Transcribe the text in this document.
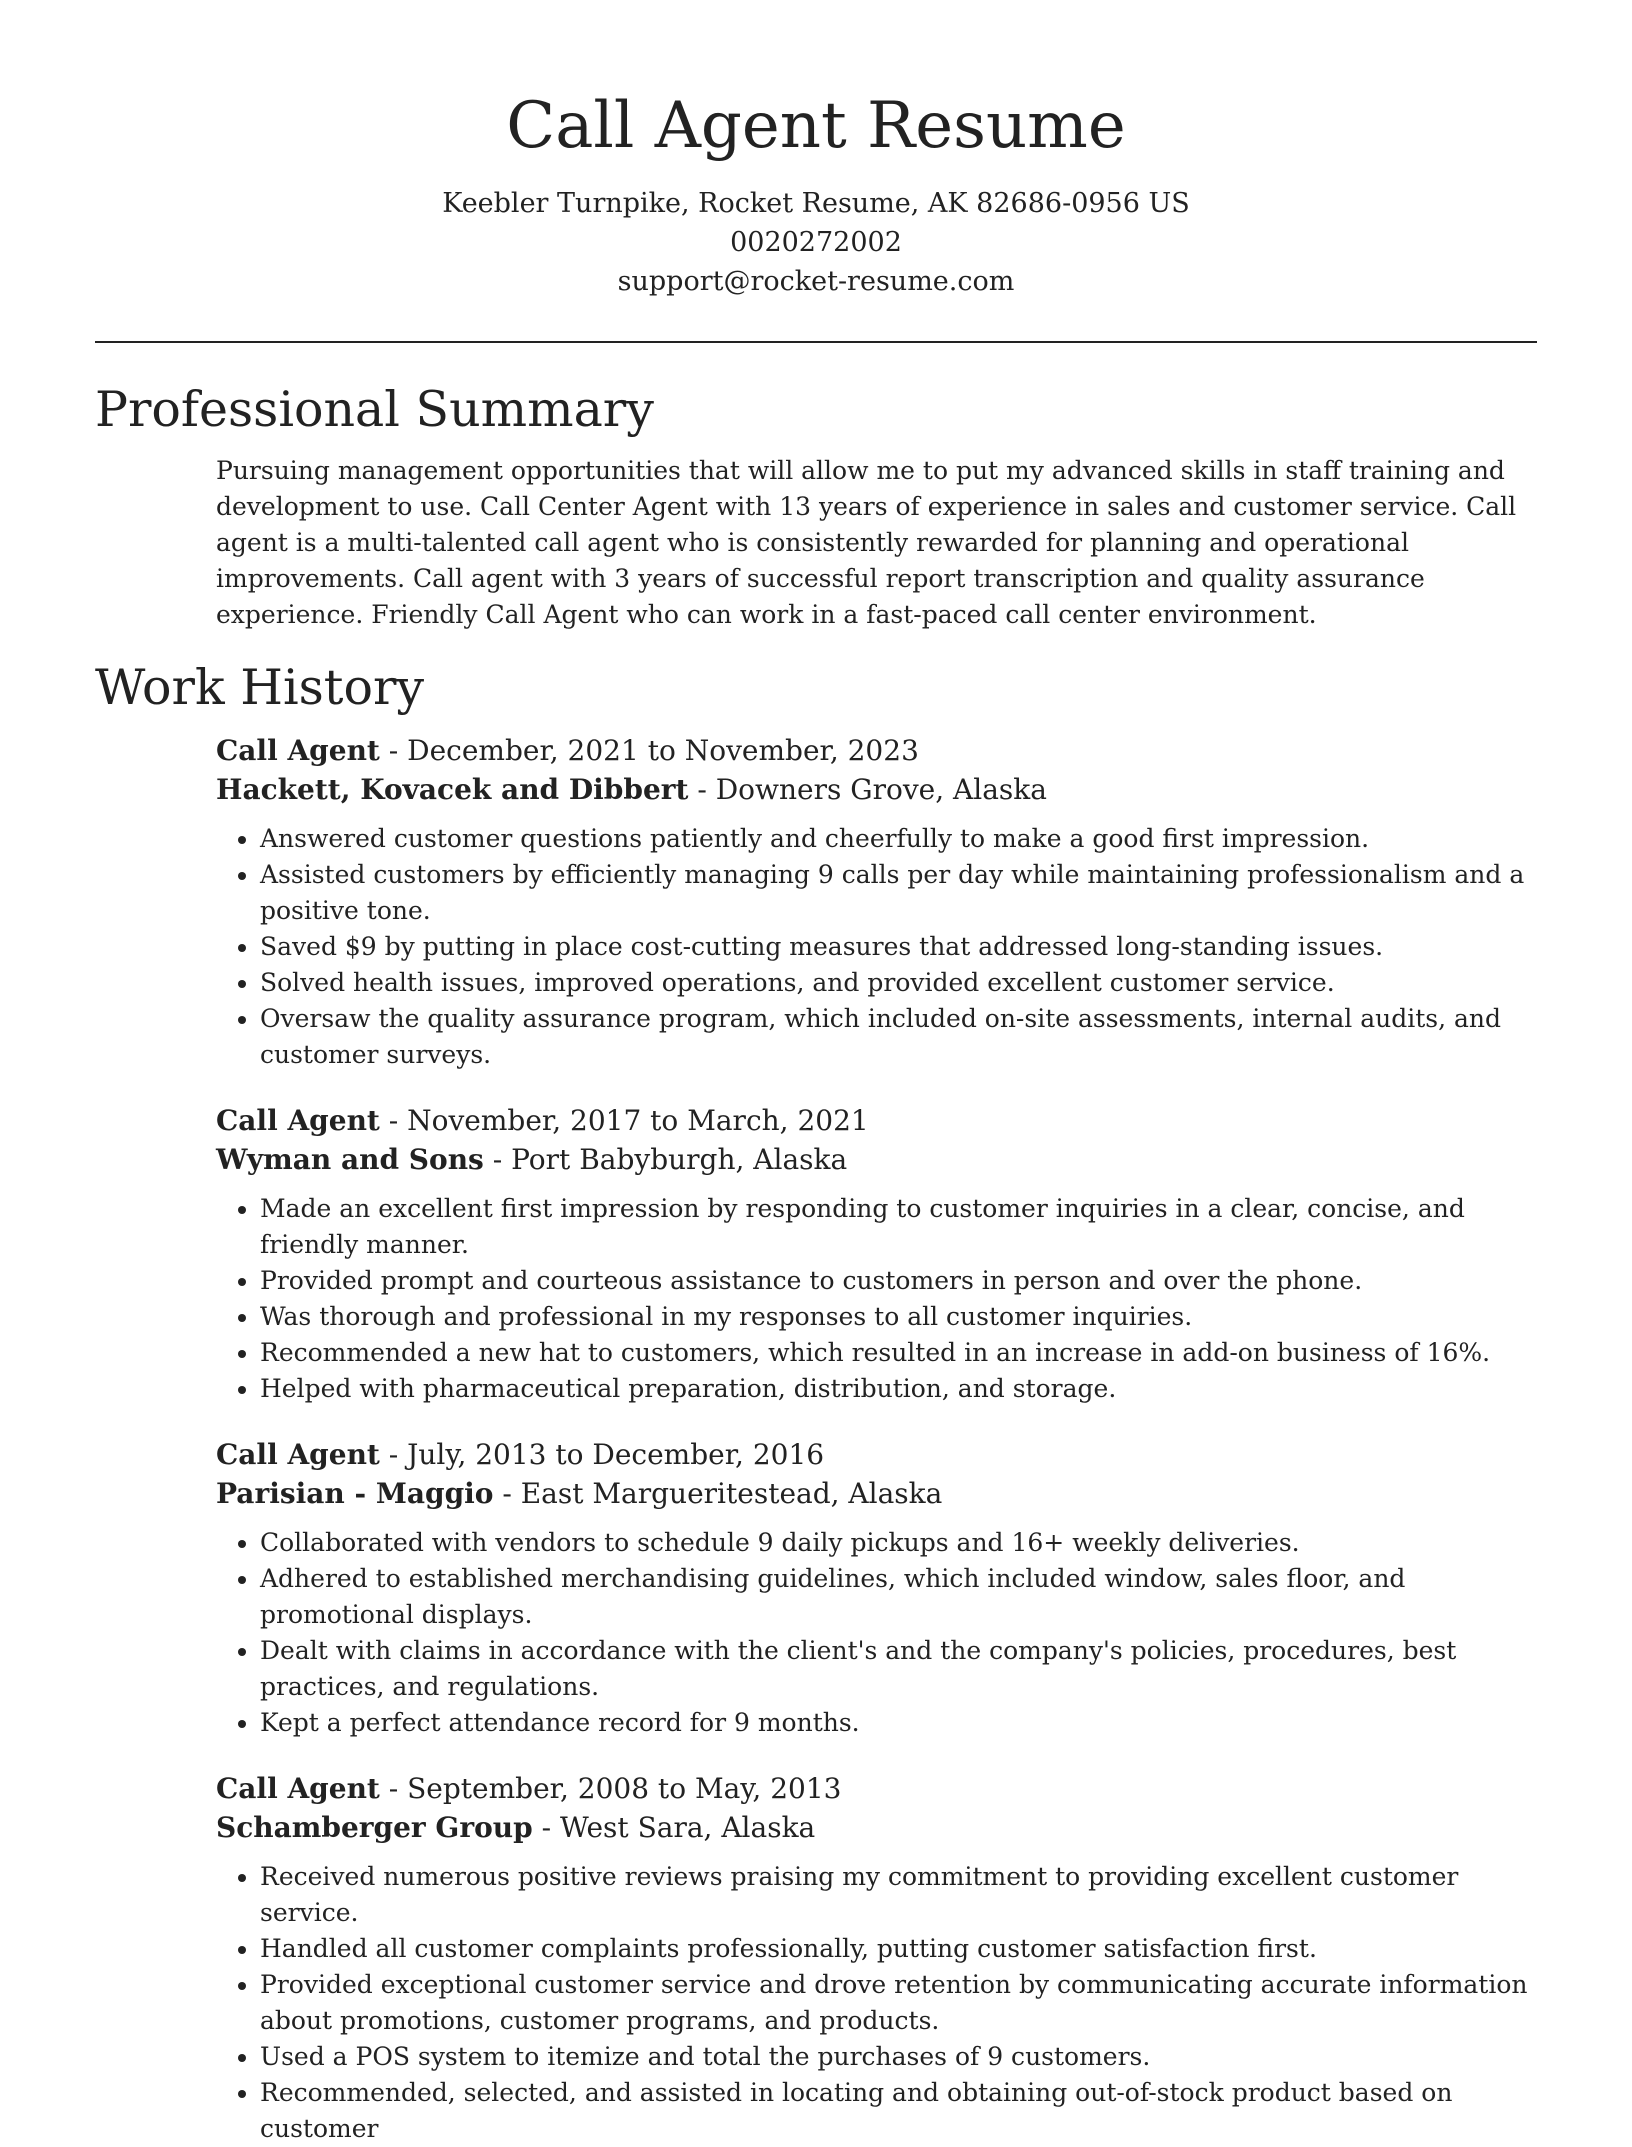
Call Agent Resume
Keebler Turnpike, Rocket Resume, AK 82686-0956 US
0020272002
support@rocket-resume.com
Professional Summary

Pursuing management opportunities that will allow me to put my advanced skills in staff training and development to use. Call Center Agent with 13 years of experience in sales and customer service. Call agent is a multi-talented call agent who is consistently rewarded for planning and operational improvements. Call agent with 3 years of successful report transcription and quality assurance experience. Friendly Call Agent who can work in a fast-paced call center environment.

Work History
Call Agent - December, 2021 to November, 2023
Hackett, Kovacek and Dibbert - Downers Grove, Alaska
• Answered customer questions patiently and cheerfully to make a good first impression.
• Assisted customers by efficiently managing 9 calls per day while maintaining professionalism and a positive tone.
• Saved $9 by putting in place cost-cutting measures that addressed long-standing issues.
• Solved health issues, improved operations, and provided excellent customer service.
• Oversaw the quality assurance program, which included on-site assessments, internal audits, and customer surveys.
Call Agent - November, 2017 to March, 2021
Wyman and Sons - Port Babyburgh, Alaska
• Made an excellent first impression by responding to customer inquiries in a clear, concise, and friendly manner.
• Provided prompt and courteous assistance to customers in person and over the phone.
• Was thorough and professional in my responses to all customer inquiries.
• Recommended a new hat to customers, which resulted in an increase in add-on business of 16%.
• Helped with pharmaceutical preparation, distribution, and storage.
Call Agent - July, 2013 to December, 2016
Parisian - Maggio - East Margueritestead, Alaska
• Collaborated with vendors to schedule 9 daily pickups and 16+ weekly deliveries.
• Adhered to established merchandising guidelines, which included window, sales floor, and promotional displays.
• Dealt with claims in accordance with the client's and the company's policies, procedures, best practices, and regulations.
• Kept a perfect attendance record for 9 months.
Call Agent - September, 2008 to May, 2013
Schamberger Group - West Sara, Alaska
• Received numerous positive reviews praising my commitment to providing excellent customer service.
• Handled all customer complaints professionally, putting customer satisfaction first.
• Provided exceptional customer service and drove retention by communicating accurate information about promotions, customer programs, and products.
• Used a POS system to itemize and total the purchases of 9 customers.
• Recommended, selected, and assisted in locating and obtaining out-of-stock product based on customer
